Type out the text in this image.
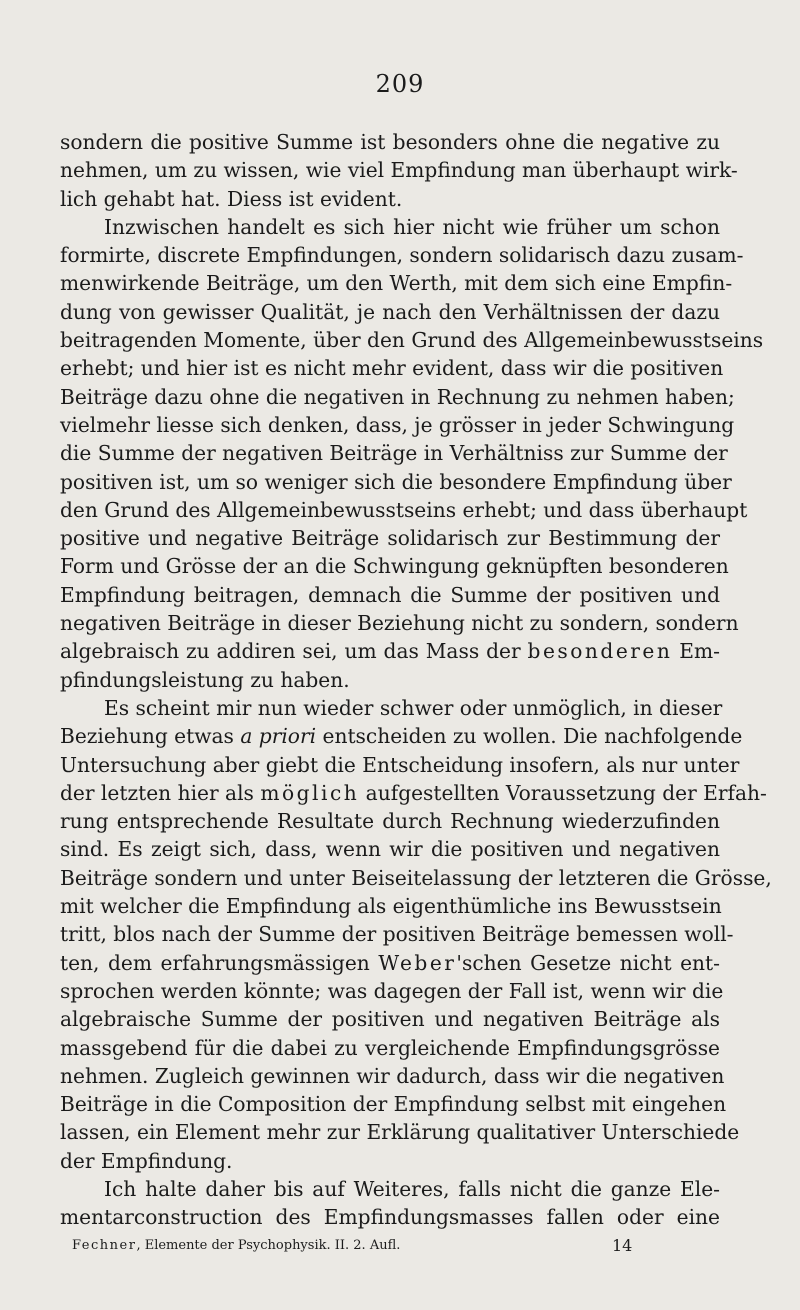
209
sondern die positive Summe ist besonders ohne die negative zu
nehmen, um zu wissen, wie viel Empfindung man überhaupt wirk-
lich gehabt hat. Diess ist evident.
Inzwischen handelt es sich hier nicht wie früher um schon
formirte, discrete Empfindungen, sondern solidarisch dazu zusam-
menwirkende Beiträge, um den Werth, mit dem sich eine Empfin-
dung von gewisser Qualität, je nach den Verhältnissen der dazu
beitragenden Momente, über den Grund des Allgemeinbewusstseins
erhebt; und hier ist es nicht mehr evident, dass wir die positiven
Beiträge dazu ohne die negativen in Rechnung zu nehmen haben;
vielmehr liesse sich denken, dass, je grösser in jeder Schwingung
die Summe der negativen Beiträge in Verhältniss zur Summe der
positiven ist, um so weniger sich die besondere Empfindung über
den Grund des Allgemeinbewusstseins erhebt; und dass überhaupt
positive und negative Beiträge solidarisch zur Bestimmung der
Form und Grösse der an die Schwingung geknüpften besonderen
Empfindung beitragen, demnach die Summe der positiven und
negativen Beiträge in dieser Beziehung nicht zu sondern, sondern
algebraisch zu addiren sei, um das Mass der besonderen Em-
pfindungsleistung zu haben.
Es scheint mir nun wieder schwer oder unmöglich, in dieser
Beziehung etwas a priori entscheiden zu wollen. Die nachfolgende
Untersuchung aber giebt die Entscheidung insofern, als nur unter
der letzten hier als möglich aufgestellten Voraussetzung der Erfah-
rung entsprechende Resultate durch Rechnung wiederzufinden
sind. Es zeigt sich, dass, wenn wir die positiven und negativen
Beiträge sondern und unter Beiseitelassung der letzteren die Grösse,
mit welcher die Empfindung als eigenthümliche ins Bewusstsein
tritt, blos nach der Summe der positiven Beiträge bemessen woll-
ten, dem erfahrungsmässigen Weber'schen Gesetze nicht ent-
sprochen werden könnte; was dagegen der Fall ist, wenn wir die
algebraische Summe der positiven und negativen Beiträge als
massgebend für die dabei zu vergleichende Empfindungsgrösse
nehmen. Zugleich gewinnen wir dadurch, dass wir die negativen
Beiträge in die Composition der Empfindung selbst mit eingehen
lassen, ein Element mehr zur Erklärung qualitativer Unterschiede
der Empfindung.
Ich halte daher bis auf Weiteres, falls nicht die ganze Ele-
mentarconstruction des Empfindungsmasses fallen oder eine
Fechner, Elemente der Psychophysik. II. 2. Aufl.	14
